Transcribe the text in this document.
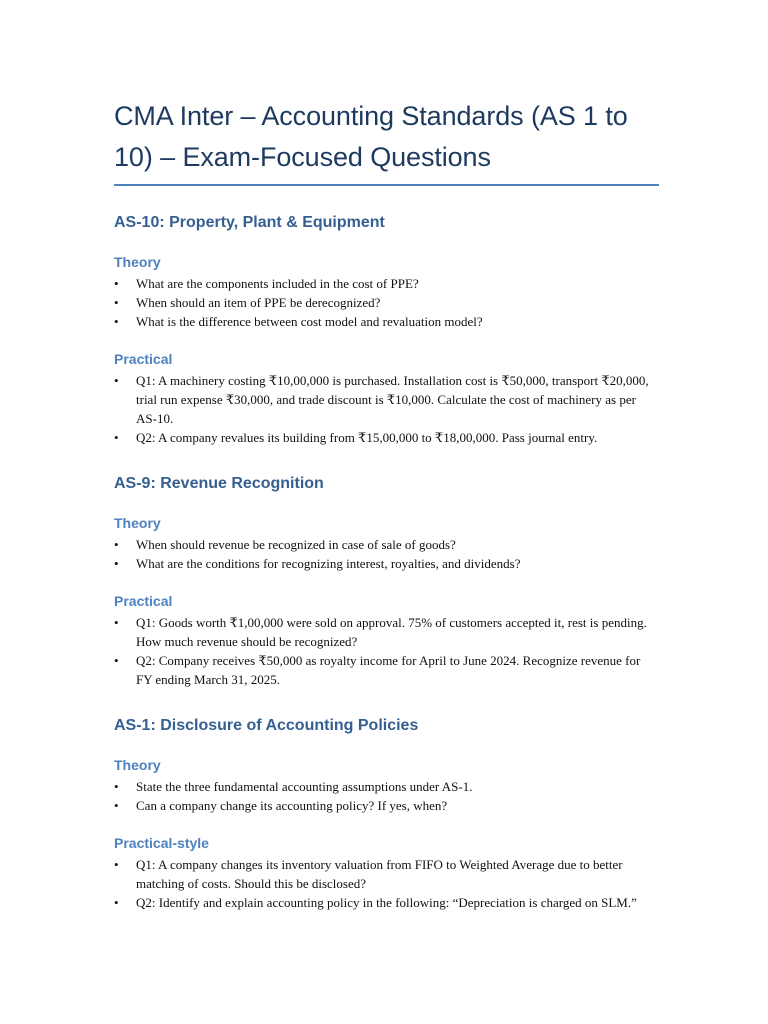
CMA Inter – Accounting Standards (AS 1 to 10) – Exam-Focused Questions
AS-10: Property, Plant & Equipment
Theory
• What are the components included in the cost of PPE?
• When should an item of PPE be derecognized?
• What is the difference between cost model and revaluation model?
Practical
• Q1: A machinery costing ₹10,00,000 is purchased. Installation cost is ₹50,000, transport ₹20,000, trial run expense ₹30,000, and trade discount is ₹10,000. Calculate the cost of machinery as per AS-10.
• Q2: A company revalues its building from ₹15,00,000 to ₹18,00,000. Pass journal entry.
AS-9: Revenue Recognition
Theory
• When should revenue be recognized in case of sale of goods?
• What are the conditions for recognizing interest, royalties, and dividends?
Practical
• Q1: Goods worth ₹1,00,000 were sold on approval. 75% of customers accepted it, rest is pending. How much revenue should be recognized?
• Q2: Company receives ₹50,000 as royalty income for April to June 2024. Recognize revenue for FY ending March 31, 2025.
AS-1: Disclosure of Accounting Policies
Theory
• State the three fundamental accounting assumptions under AS-1.
• Can a company change its accounting policy? If yes, when?
Practical-style
• Q1: A company changes its inventory valuation from FIFO to Weighted Average due to better matching of costs. Should this be disclosed?
• Q2: Identify and explain accounting policy in the following: “Depreciation is charged on SLM.”
